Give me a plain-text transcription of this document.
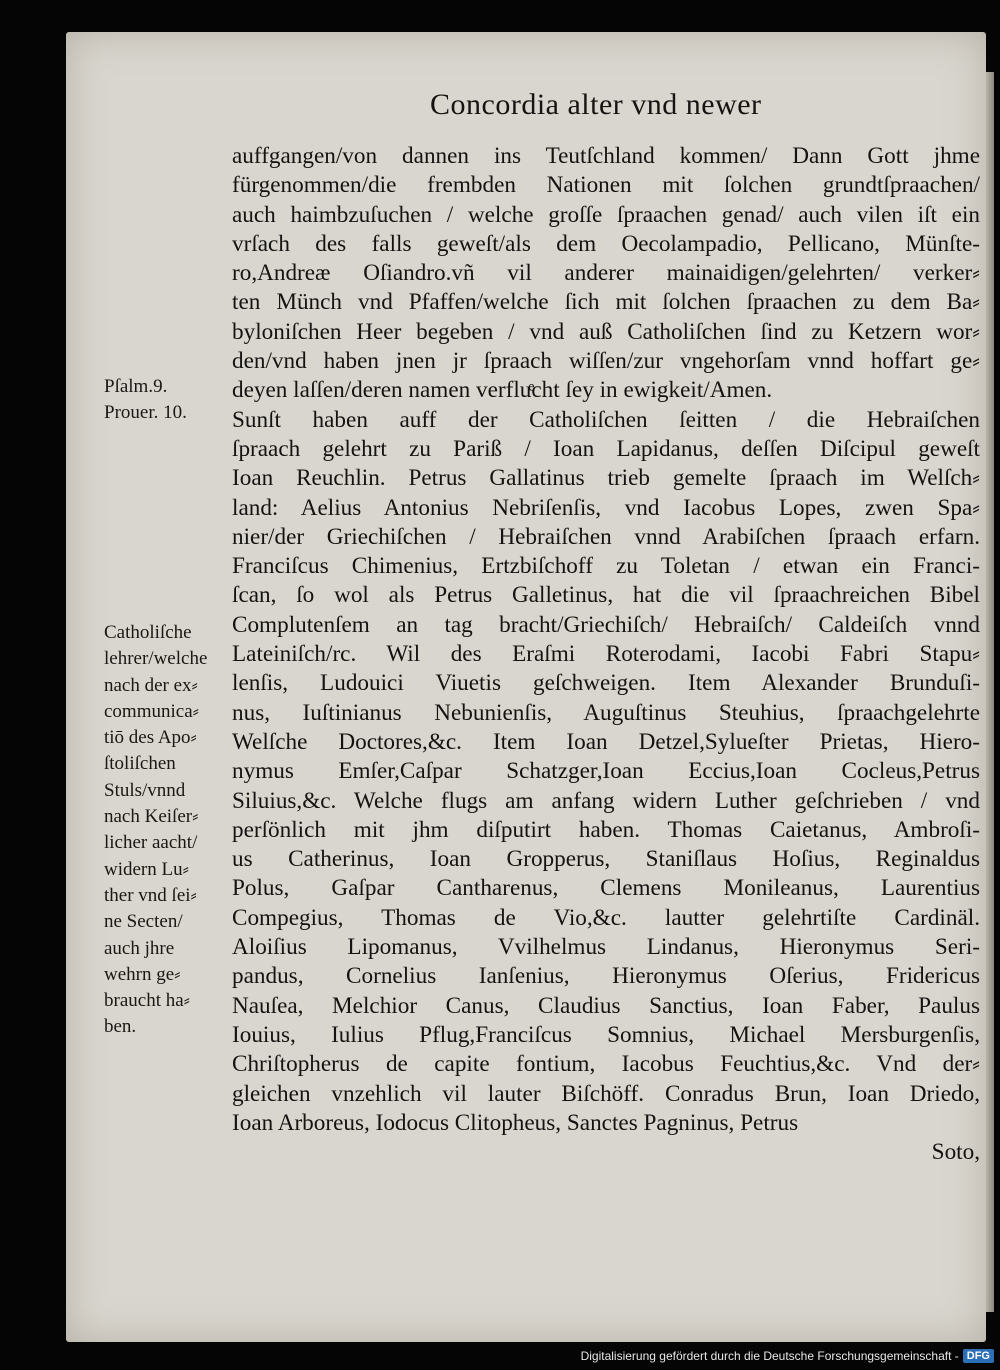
Concordia alter vnd newer
Pſalm.9.
Prouer. 10.
Catholiſche
lehrer/welche
nach der ex⸗
communica⸗
tiō des Apo⸗
ſtoliſchen
Stuls/vnnd
nach Keiſer⸗
licher aacht/
widern Lu⸗
ther vnd ſei⸗
ne Secten/
auch jhre
wehrn ge⸗
braucht ha⸗
ben.
auffgangen/von dannen ins Teutſchland kommen/ Dann Gott jhme
fürgenommen/die frembden Nationen mit ſolchen grundtſpraachen/
auch haimbzuſuchen / welche groſſe ſpraachen genad/ auch vilen iſt ein
vrſach des falls geweſt/als dem Oecolampadio, Pellicano, Münſte-
ro,Andreæ Oſiandro.vñ vil anderer mainaidigen/gelehrten/ verker⸗
ten Münch vnd Pfaffen/welche ſich mit ſolchen ſpraachen zu dem Ba⸗
byloniſchen Heer begeben / vnd auß Catholiſchen ſind zu Ketzern wor⸗
den/vnd haben jnen jr ſpraach wiſſen/zur vngehorſam vnnd hoffart ge⸗
deyen laſſen/deren namen verfluͤcht ſey in ewigkeit/Amen.
Sunſt haben auff der Catholiſchen ſeitten / die Hebraiſchen
ſpraach gelehrt zu Pariß / Ioan Lapidanus, deſſen Diſcipul geweſt
Ioan Reuchlin. Petrus Gallatinus trieb gemelte ſpraach im Welſch⸗
land: Aelius Antonius Nebriſenſis, vnd Iacobus Lopes, zwen Spa⸗
nier/der Griechiſchen / Hebraiſchen vnnd Arabiſchen ſpraach erfarn.
Franciſcus Chimenius, Ertzbiſchoff zu Toletan / etwan ein Franci-
ſcan, ſo wol als Petrus Galletinus, hat die vil ſpraachreichen Bibel
Complutenſem an tag bracht/Griechiſch/ Hebraiſch/ Caldeiſch vnnd
Lateiniſch/rc. Wil des Eraſmi Roterodami, Iacobi Fabri Stapu⸗
lenſis, Ludouici Viuetis geſchweigen. Item Alexander Brunduſi-
nus, Iuſtinianus Nebunienſis, Auguſtinus Steuhius, ſpraachgelehrte
Welſche Doctores,&c. Item Ioan Detzel,Sylueſter Prietas, Hiero-
nymus Emſer,Caſpar Schatzger,Ioan Eccius,Ioan Cocleus,Petrus
Siluius,&c. Welche flugs am anfang widern Luther geſchrieben / vnd
perſönlich mit jhm diſputirt haben. Thomas Caietanus, Ambroſi-
us Catherinus, Ioan Gropperus, Staniſlaus Hoſius, Reginaldus
Polus, Gaſpar Cantharenus, Clemens Monileanus, Laurentius
Compegius, Thomas de Vio,&c. lautter gelehrtiſte Cardinäl.
Aloiſius Lipomanus, Vvilhelmus Lindanus, Hieronymus Seri-
pandus, Cornelius Ianſenius, Hieronymus Oſerius, Fridericus
Nauſea, Melchior Canus, Claudius Sanctius, Ioan Faber, Paulus
Iouius, Iulius Pflug,Franciſcus Somnius, Michael Mersburgenſis,
Chriſtopherus de capite fontium, Iacobus Feuchtius,&c. Vnd der⸗
gleichen vnzehlich vil lauter Biſchöff. Conradus Brun, Ioan Driedo,
Ioan Arboreus, Iodocus Clitopheus, Sanctes Pagninus, Petrus
Soto,
Digitalisierung gefördert durch die Deutsche Forschungsgemeinschaft - DFG
